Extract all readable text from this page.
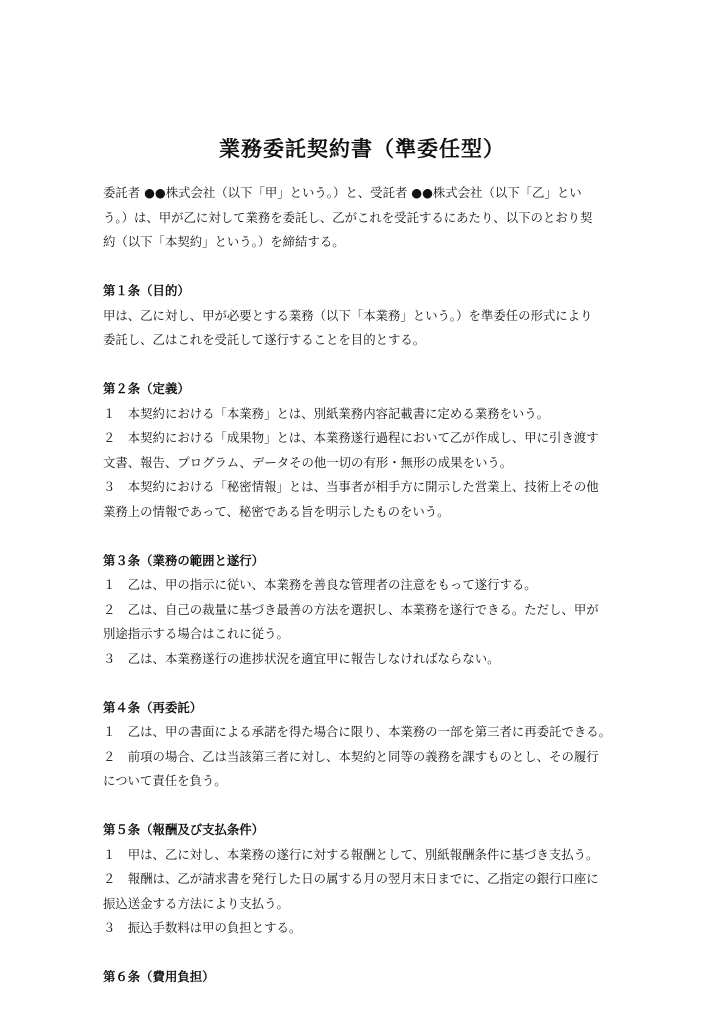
業務委託契約書（準委任型）

委託者 ●●株式会社（以下「甲」という。）と、受託者 ●●株式会社（以下「乙」とい
う。）は、甲が乙に対して業務を委託し、乙がこれを受託するにあたり、以下のとおり契
約（以下「本契約」という。）を締結する。

第１条（目的）

甲は、乙に対し、甲が必要とする業務（以下「本業務」という。）を準委任の形式により
委託し、乙はこれを受託して遂行することを目的とする。

第２条（定義）

１　本契約における「本業務」とは、別紙業務内容記載書に定める業務をいう。

２　本契約における「成果物」とは、本業務遂行過程において乙が作成し、甲に引き渡す
文書、報告、プログラム、データその他一切の有形・無形の成果をいう。

３　本契約における「秘密情報」とは、当事者が相手方に開示した営業上、技術上その他
業務上の情報であって、秘密である旨を明示したものをいう。

第３条（業務の範囲と遂行）

１　乙は、甲の指示に従い、本業務を善良な管理者の注意をもって遂行する。

２　乙は、自己の裁量に基づき最善の方法を選択し、本業務を遂行できる。ただし、甲が
別途指示する場合はこれに従う。

３　乙は、本業務遂行の進捗状況を適宜甲に報告しなければならない。

第４条（再委託）

１　乙は、甲の書面による承諾を得た場合に限り、本業務の一部を第三者に再委託できる。

２　前項の場合、乙は当該第三者に対し、本契約と同等の義務を課すものとし、その履行
について責任を負う。

第５条（報酬及び支払条件）

１　甲は、乙に対し、本業務の遂行に対する報酬として、別紙報酬条件に基づき支払う。

２　報酬は、乙が請求書を発行した日の属する月の翌月末日までに、乙指定の銀行口座に
振込送金する方法により支払う。

３　振込手数料は甲の負担とする。

第６条（費用負担）
